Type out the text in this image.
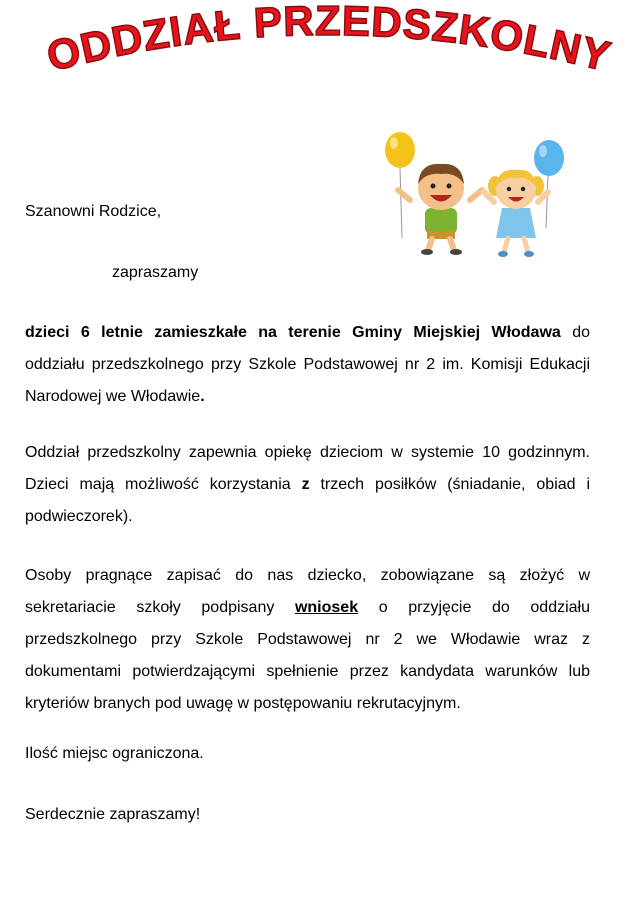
ODDZIAŁ PRZEDSZKOLNY
Szanowni Rodzice,
zapraszamy
dzieci 6 letnie zamieszkałe na terenie Gminy Miejskiej Włodawa do oddziału przedszkolnego przy Szkole Podstawowej nr 2 im. Komisji Edukacji Narodowej we Włodawie.
Oddział przedszkolny zapewnia opiekę dzieciom w systemie 10 godzinnym. Dzieci mają możliwość korzystania z trzech posiłków (śniadanie, obiad i podwieczorek).
Osoby pragnące zapisać do nas dziecko, zobowiązane są złożyć w sekretariacie szkoły podpisany wniosek o przyjęcie do oddziału przedszkolnego przy Szkole Podstawowej nr 2 we Włodawie wraz z dokumentami potwierdzającymi spełnienie przez kandydata warunków lub kryteriów branych pod uwagę w postępowaniu rekrutacyjnym.
Ilość miejsc ograniczona.
Serdecznie zapraszamy!
